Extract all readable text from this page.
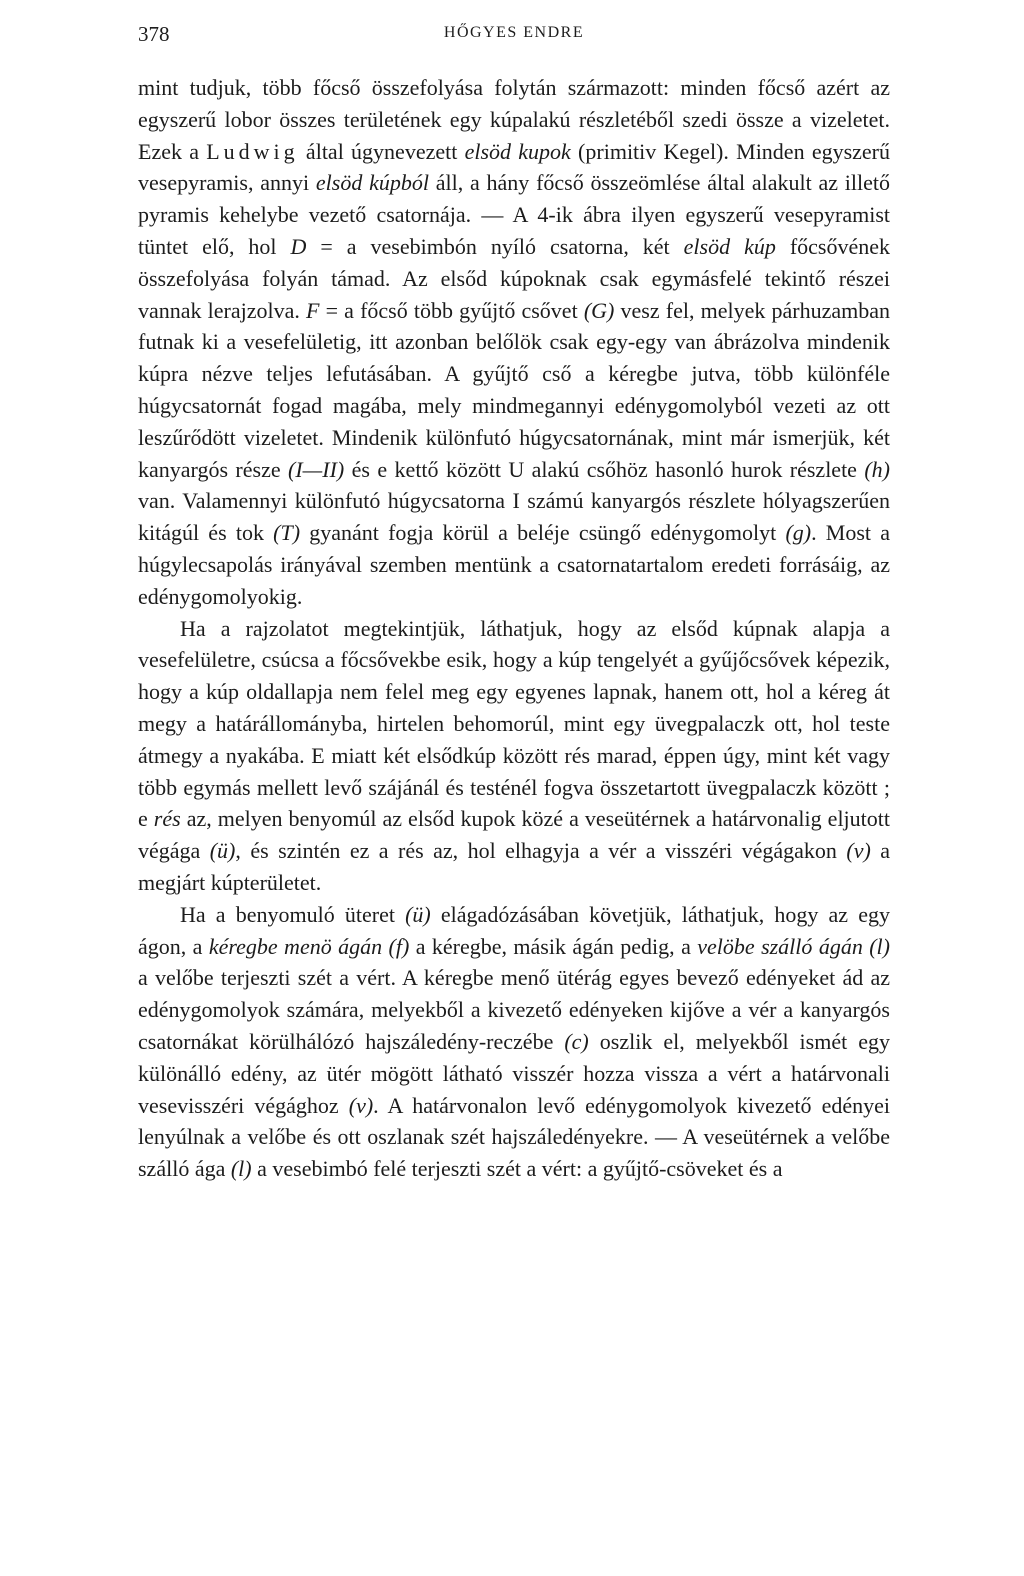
378	HŐGYES ENDRE

mint tudjuk, több főcső összefolyása folytán származott: minden főcső azért az egyszerű lobor összes területének egy kúpalakú részletéből szedi össze a vizeletet. Ezek a Ludwig által úgynevezett elsöd kupok (primitiv Kegel). Minden egyszerű vesepyramis, annyi elsöd kúpból áll, a hány főcső összeömlése által alakult az illető pyramis kehelybe vezető csatornája. — A 4-ik ábra ilyen egyszerű vesepyramist tüntet elő, hol D = a vesebimbón nyíló csatorna, két elsöd kúp főcsővének összefolyása folyán támad. Az elsőd kúpoknak csak egymásfelé tekintő részei vannak lerajzolva. F = a főcső több gyűjtő csővet (G) vesz fel, melyek párhuzamban futnak ki a vesefelületig, itt azonban belőlök csak egy-egy van ábrázolva mindenik kúpra nézve teljes lefutásában. A gyűjtő cső a kéregbe jutva, több különféle húgycsatornát fogad magába, mely mindmegannyi edénygomolyból vezeti az ott leszűrődött vizeletet. Mindenik különfutó húgycsatornának, mint már ismerjük, két kanyargós része (I—II) és e kettő között U alakú csőhöz hasonló hurok részlete (h) van. Valamennyi különfutó húgycsatorna I számú kanyargós részlete hólyagszerűen kitágúl és tok (T) gyanánt fogja körül a beléje csüngő edénygomolyt (g). Most a húgylecsapolás irányával szemben mentünk a csatornatartalom eredeti forrásáig, az edénygomolyokig.

Ha a rajzolatot megtekintjük, láthatjuk, hogy az elsőd kúpnak alapja a vesefelületre, csúcsa a főcsővekbe esik, hogy a kúp tengelyét a gyűjőcsővek képezik, hogy a kúp oldallapja nem felel meg egy egyenes lapnak, hanem ott, hol a kéreg át megy a határállományba, hirtelen behomorúl, mint egy üvegpalaczk ott, hol teste átmegy a nyakába. E miatt két elsődkúp között rés marad, éppen úgy, mint két vagy több egymás mellett levő szájánál és testénél fogva összetartott üvegpalaczk között ; e rés az, melyen benyomúl az elsőd kupok közé a veseütérnek a határvonalig eljutott végága (ü), és szintén ez a rés az, hol elhagyja a vér a visszéri végágakon (v) a megjárt kúpterületet.

Ha a benyomuló üteret (ü) elágadózásában követjük, láthatjuk, hogy az egy ágon, a kéregbe menö ágán (f) a kéregbe, másik ágán pedig, a velöbe szálló ágán (l) a velőbe terjeszti szét a vért. A kéregbe menő ütérág egyes bevező edényeket ád az edénygomolyok számára, melyekből a kivezető edényeken kijőve a vér a kanyargós csatornákat körülhálózó hajszáledény-reczébe (c) oszlik el, melyekből ismét egy különálló edény, az ütér mögött látható visszér hozza vissza a vért a határvonali vesevisszéri végághoz (v). A határvonalon levő edénygomolyok kivezető edényei lenyúlnak a velőbe és ott oszlanak szét hajszáledényekre. — A veseütérnek a velőbe szálló ága (l) a vesebimbó felé terjeszti szét a vért: a gyűjtő-csöveket és a
